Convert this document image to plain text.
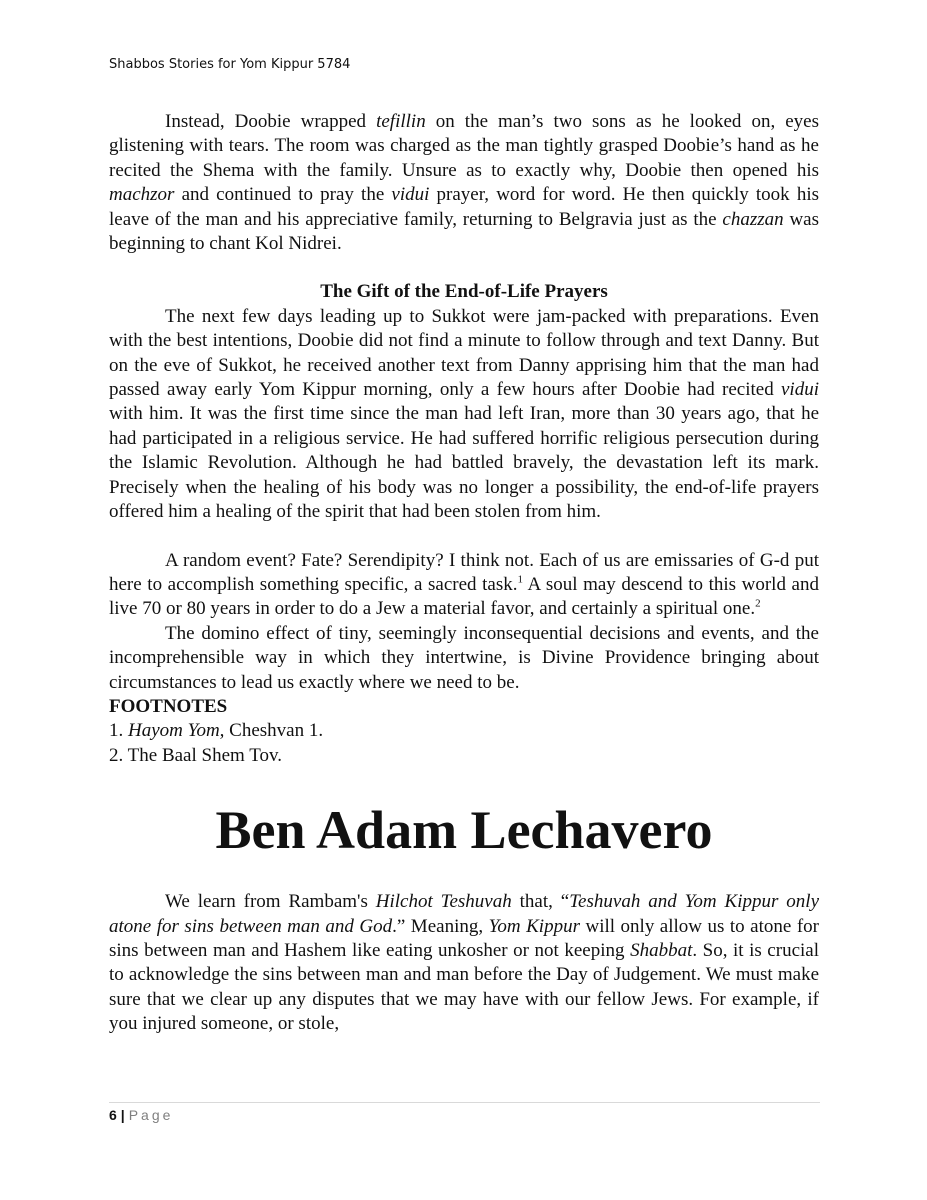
Shabbos Stories for Yom Kippur 5784

Instead, Doobie wrapped tefillin on the man’s two sons as he looked on, eyes glistening with tears. The room was charged as the man tightly grasped Doobie’s hand as he recited the Shema with the family. Unsure as to exactly why, Doobie then opened his machzor and continued to pray the vidui prayer, word for word. He then quickly took his leave of the man and his appreciative family, returning to Belgravia just as the chazzan was beginning to chant Kol Nidrei.

The Gift of the End-of-Life Prayers

The next few days leading up to Sukkot were jam-packed with preparations. Even with the best intentions, Doobie did not find a minute to follow through and text Danny. But on the eve of Sukkot, he received another text from Danny apprising him that the man had passed away early Yom Kippur morning, only a few hours after Doobie had recited vidui with him. It was the first time since the man had left Iran, more than 30 years ago, that he had participated in a religious service. He had suffered horrific religious persecution during the Islamic Revolution. Although he had battled bravely, the devastation left its mark. Precisely when the healing of his body was no longer a possibility, the end-of-life prayers offered him a healing of the spirit that had been stolen from him.

A random event? Fate? Serendipity? I think not. Each of us are emissaries of G-d put here to accomplish something specific, a sacred task.$^1$ A soul may descend to this world and live 70 or 80 years in order to do a Jew a material favor, and certainly a spiritual one.$^2$

The domino effect of tiny, seemingly inconsequential decisions and events, and the incomprehensible way in which they intertwine, is Divine Providence bringing about circumstances to lead us exactly where we need to be.

FOOTNOTES

1. Hayom Yom, Cheshvan 1.

2. The Baal Shem Tov.

Ben Adam Lechavero

We learn from Rambam's Hilchot Teshuvah that, “Teshuvah and Yom Kippur only atone for sins between man and God.” Meaning, Yom Kippur will only allow us to atone for sins between man and Hashem like eating unkosher or not keeping Shabbat. So, it is crucial to acknowledge the sins between man and man before the Day of Judgement. We must make sure that we clear up any disputes that we may have with our fellow Jews. For example, if you injured someone, or stole,

6 | Page
